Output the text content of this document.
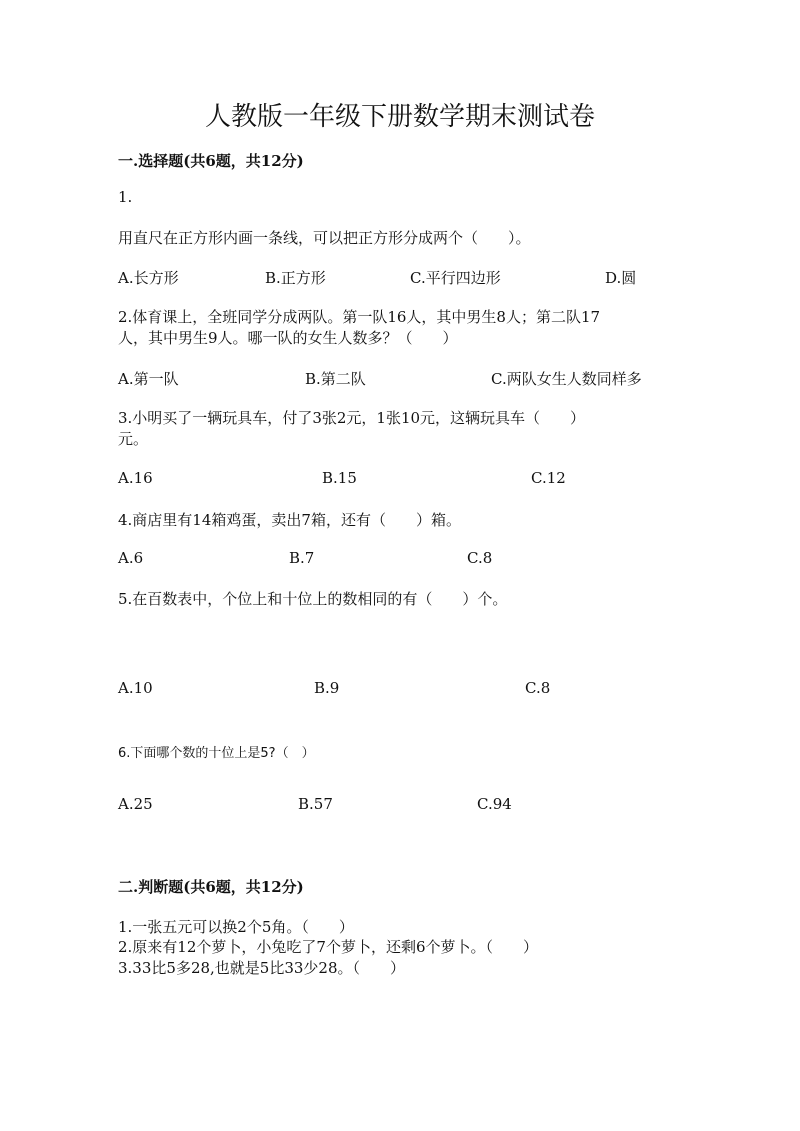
人教版一年级下册数学期末测试卷
一.选择题(共6题，共12分)
1.
用直尺在正方形内画一条线，可以把正方形分成两个（　　）。
A.长方形	B.正方形	C.平行四边形	D.圆
2.体育课上，全班同学分成两队。第一队16人，其中男生8人；第二队17
人，其中男生9人。哪一队的女生人数多？（　　）
A.第一队	B.第二队	C.两队女生人数同样多
3.小明买了一辆玩具车，付了3张2元，1张10元，这辆玩具车（　　）
元。
A.16	B.15	C.12
4.商店里有14箱鸡蛋，卖出7箱，还有（　　）箱。
A.6	B.7	C.8
5.在百数表中，个位上和十位上的数相同的有（　　）个。
A.10	B.9	C.8
6.下面哪个数的十位上是5?（　）
A.25	B.57	C.94
二.判断题(共6题，共12分)
1.一张五元可以换2个5角。（　　）
2.原来有12个萝卜，小兔吃了7个萝卜，还剩6个萝卜。（　　）
3.33比5多28,也就是5比33少28。（　　）
